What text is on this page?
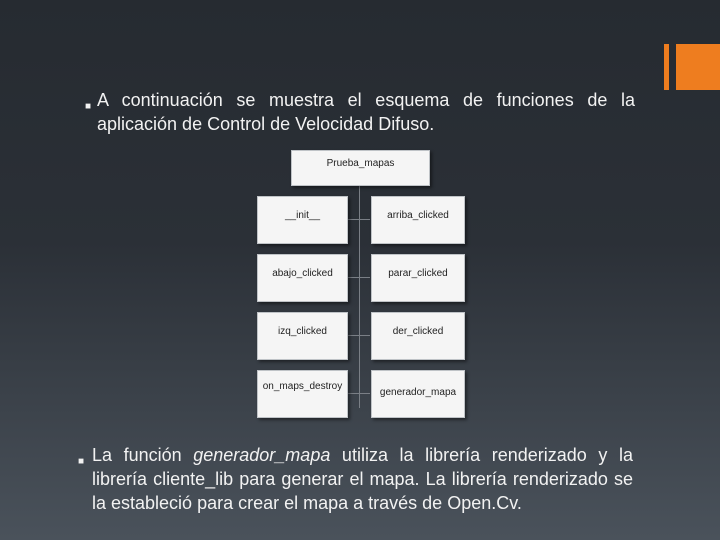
■ A continuación se muestra el esquema de funciones de la aplicación de Control de Velocidad Difuso.
Prueba_mapas
__init__	arriba_clicked
abajo_clicked	parar_clicked
izq_clicked	der_clicked
on_maps_destroy
generador_mapa
■ La función generador_mapa utiliza la librería renderizado y la librería cliente_lib para generar el mapa. La librería renderizado se la estableció para crear el mapa a través de Open.Cv.
